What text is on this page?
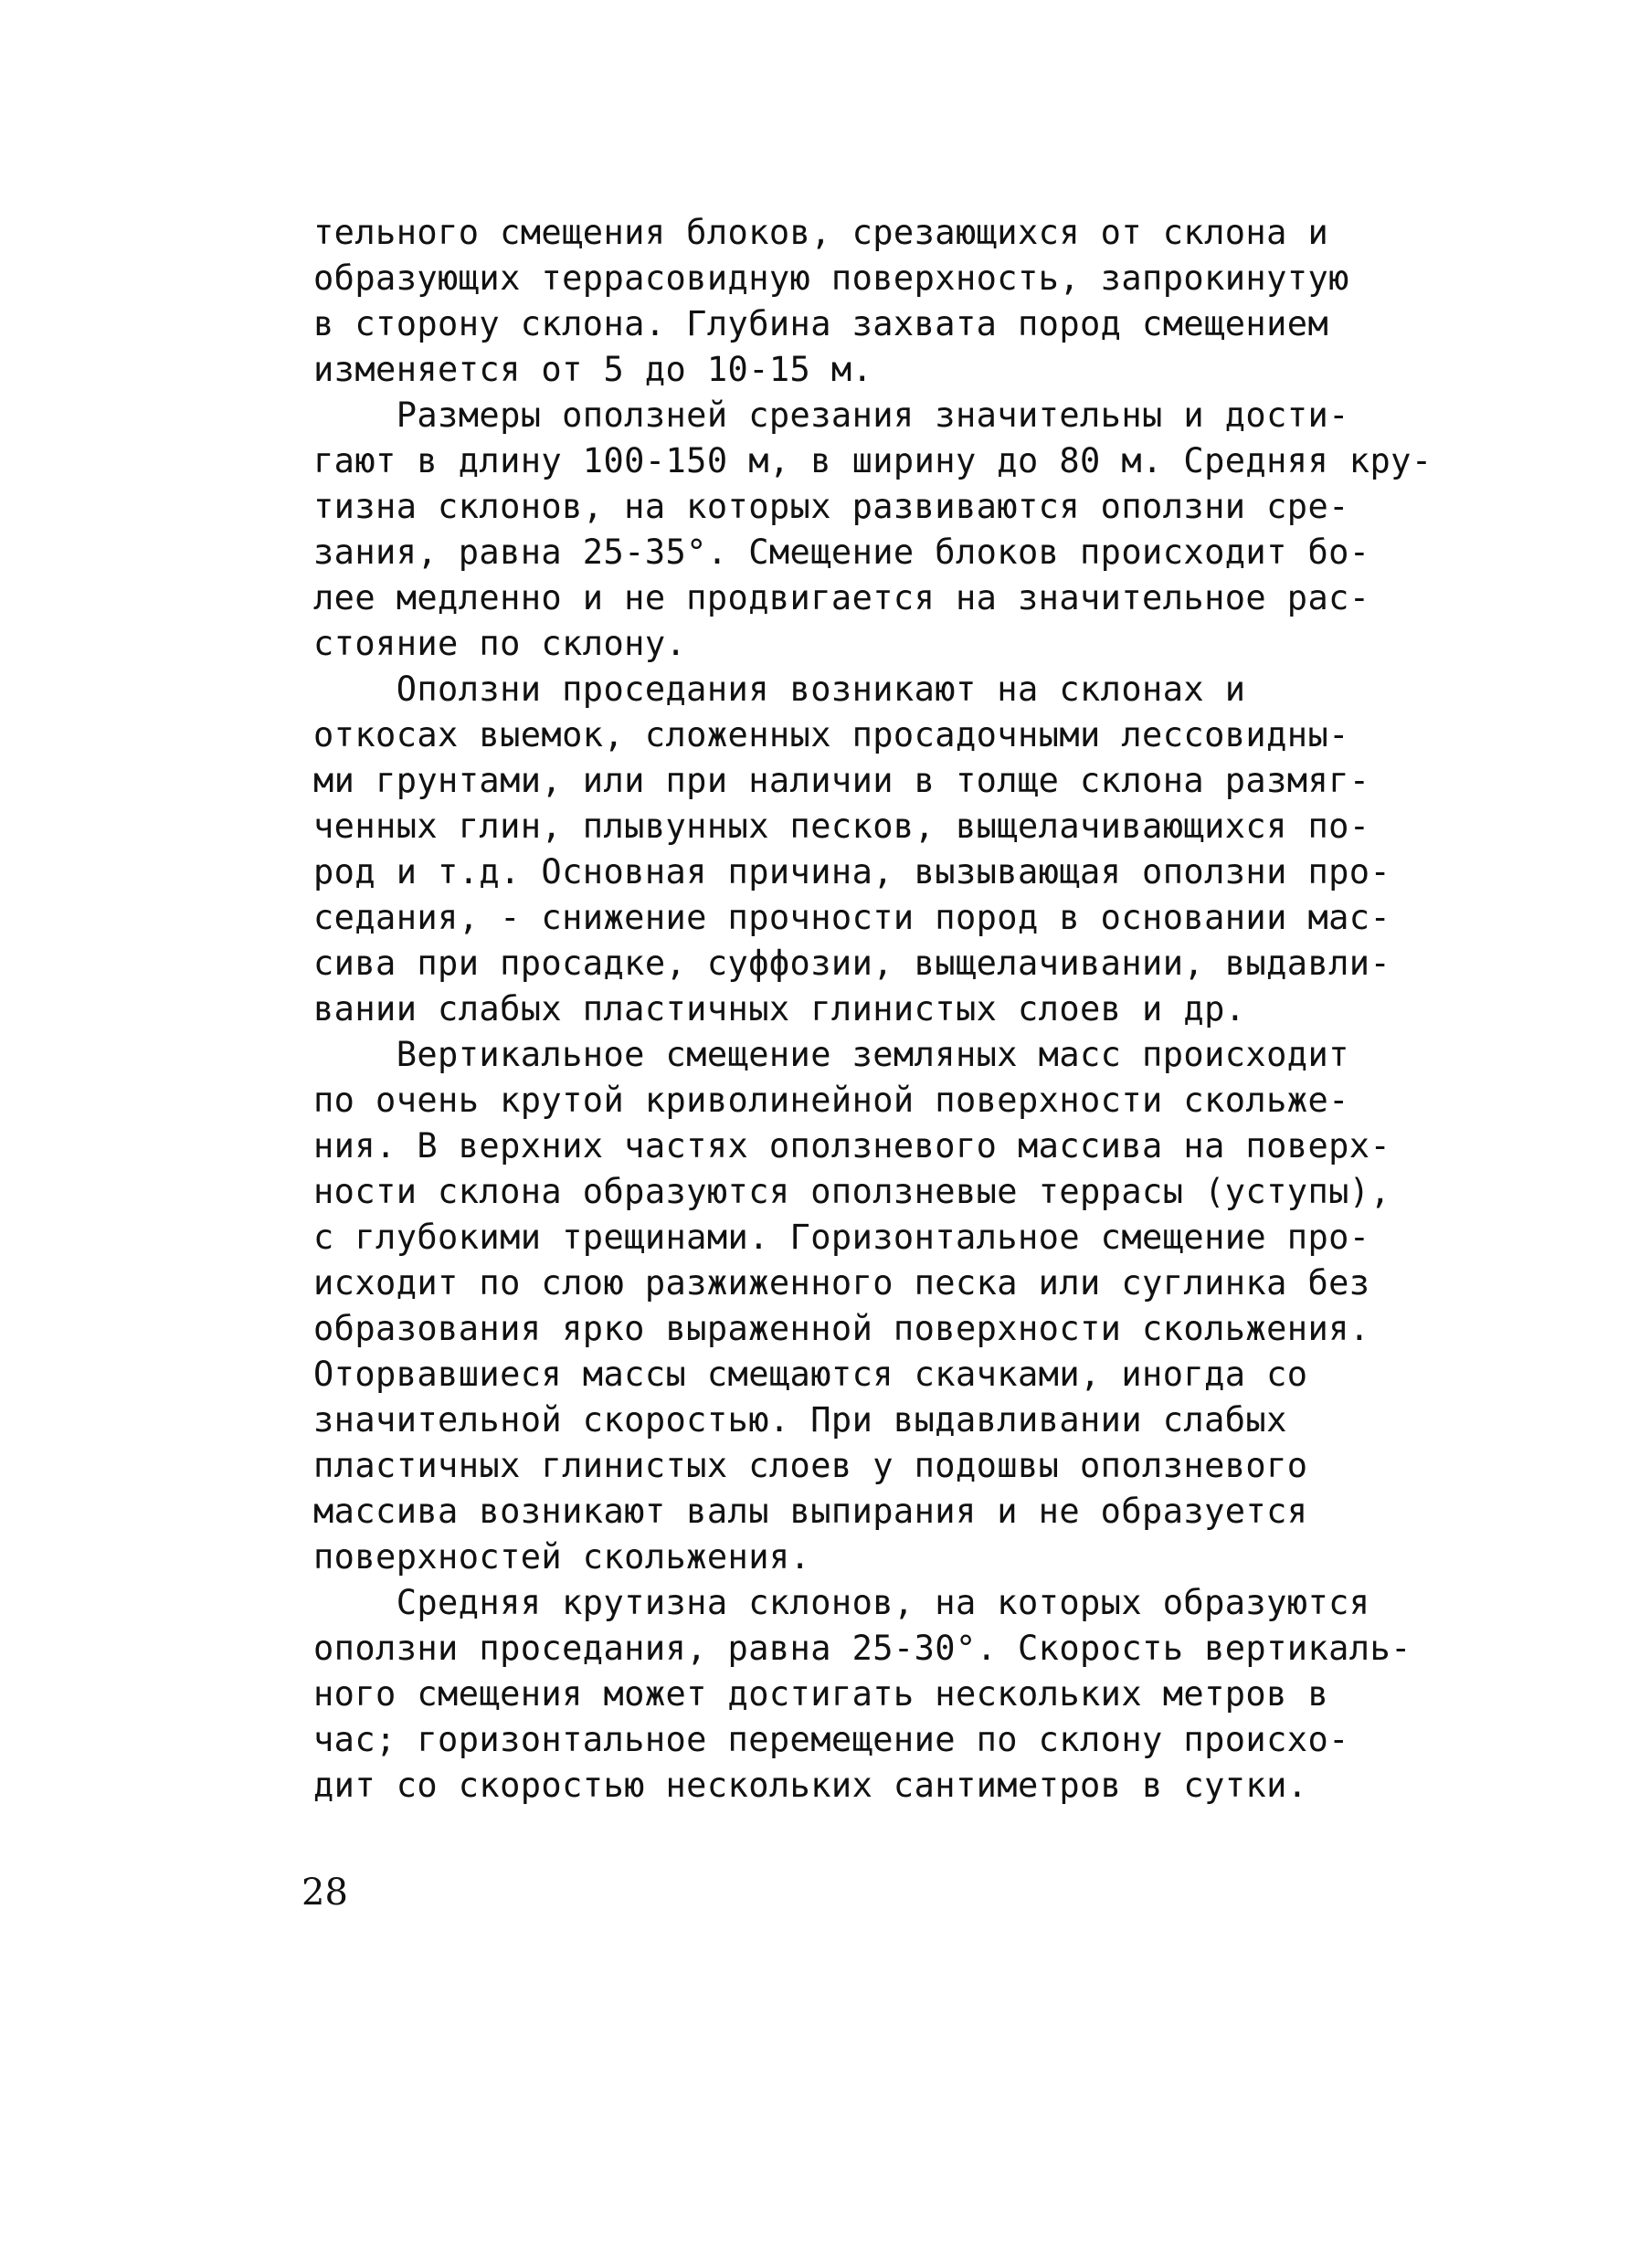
тельного смещения блоков, срезающихся от склона и
образующих террасовидную поверхность, запрокинутую
в сторону склона. Глубина захвата пород смещением
изменяется от 5 до 10-15 м.
Размеры оползней срезания значительны и дости-
гают в длину 100-150 м, в ширину до 80 м. Средняя кру-
тизна склонов, на которых развиваются оползни сре-
зания, равна 25-35°. Смещение блоков происходит бо-
лее медленно и не продвигается на значительное рас-
стояние по склону.
Оползни проседания возникают на склонах и
откосах выемок, сложенных просадочными лессовидны-
ми грунтами, или при наличии в толще склона размяг-
ченных глин, плывунных песков, выщелачивающихся по-
род и т.д. Основная причина, вызывающая оползни про-
седания, - снижение прочности пород в основании мас-
сива при просадке, суффозии, выщелачивании, выдавли-
вании слабых пластичных глинистых слоев и др.
Вертикальное смещение земляных масс происходит
по очень крутой криволинейной поверхности скольже-
ния. В верхних частях оползневого массива на поверх-
ности склона образуются оползневые террасы (уступы),
с глубокими трещинами. Горизонтальное смещение про-
исходит по слою разжиженного песка или суглинка без
образования ярко выраженной поверхности скольжения.
Оторвавшиеся массы смещаются скачками, иногда со
значительной скоростью. При выдавливании слабых
пластичных глинистых слоев у подошвы оползневого
массива возникают валы выпирания и не образуется
поверхностей скольжения.
Средняя крутизна склонов, на которых образуются
оползни проседания, равна 25-30°. Скорость вертикаль-
ного смещения может достигать нескольких метров в
час; горизонтальное перемещение по склону происхо-
дит со скоростью нескольких сантиметров в сутки.
28
